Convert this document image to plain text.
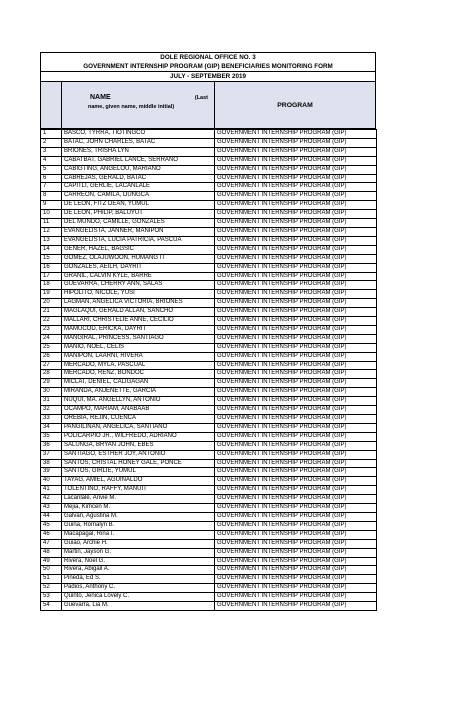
DOLE REGIONAL OFFICE NO. 3
GOVERNMENT INTERNSHIP PROGRAM (GIP) BENEFICIARIES MONITORING FORM
JULY - SEPTEMBER 2019
NAME	(Last
name, given name, middle initial)	PROGRAM
1	BASCO, TYRRA, TIOTINGCO	GOVERNMENT INTERNSHIP PROGRAM (GIP)
2	BATAC, JOHN CHARLES, BATAC	GOVERNMENT INTERNSHIP PROGRAM (GIP)
3	BRIONES, TRISHA LYN	GOVERNMENT INTERNSHIP PROGRAM (GIP)
4	CABATBAT, GABRIEL LANCE, SERRANO	GOVERNMENT INTERNSHIP PROGRAM (GIP)
5	CABIGTING, ANGELOU, MARIANO	GOVERNMENT INTERNSHIP PROGRAM (GIP)
6	CABREJAS, GERALD, BATAC	GOVERNMENT INTERNSHIP PROGRAM (GIP)
7	CAPITLI, GERLIE, LACANLALE	GOVERNMENT INTERNSHIP PROGRAM (GIP)
8	CARREON, CAMILA, DUNGCA	GOVERNMENT INTERNSHIP PROGRAM (GIP)
9	DE LEON, FITZ DEAN, YUMUL	GOVERNMENT INTERNSHIP PROGRAM (GIP)
10	DE LEON, PHILIP, BALUYUT	GOVERNMENT INTERNSHIP PROGRAM (GIP)
11	DEL MUNDO, CAMILLE, GONZALES	GOVERNMENT INTERNSHIP PROGRAM (GIP)
12	EVANGELISTA, JANNER, MANIPON	GOVERNMENT INTERNSHIP PROGRAM (GIP)
13	EVANGELISTA, LUCIA PATRICIA, PASCUA	GOVERNMENT INTERNSHIP PROGRAM (GIP)
14	GENER, HAZEL, BAGSIC	GOVERNMENT INTERNSHIP PROGRAM (GIP)
15	GOMEZ, OLAJUWOON, HUMANG IT	GOVERNMENT INTERNSHIP PROGRAM (GIP)
16	GONZALES, AEILH, DAYRIT	GOVERNMENT INTERNSHIP PROGRAM (GIP)
17	GRANIL, CALVIN KYLE, BARRE	GOVERNMENT INTERNSHIP PROGRAM (GIP)
18	GUEVARRA, CHERRY ANN, SALAS	GOVERNMENT INTERNSHIP PROGRAM (GIP)
19	HIPOLITO, NICOLE, YUSI	GOVERNMENT INTERNSHIP PROGRAM (GIP)
20	LAGMAN, ANGELICA VICTORIA, BRIONES	GOVERNMENT INTERNSHIP PROGRAM (GIP)
21	MAGLAQUI, GERALD ALLAN, SANCHO	GOVERNMENT INTERNSHIP PROGRAM (GIP)
22	MALLARI, CHRISTELIE ANNE, CECILIO	GOVERNMENT INTERNSHIP PROGRAM (GIP)
23	MAMUCOD, ERICKA, DAYRIT	GOVERNMENT INTERNSHIP PROGRAM (GIP)
24	MANGIRAL, PRINCESS, SANTIAGO	GOVERNMENT INTERNSHIP PROGRAM (GIP)
25	MANIO, NOEL, CELIS	GOVERNMENT INTERNSHIP PROGRAM (GIP)
26	MANIPON, LAARNI, RIVERA	GOVERNMENT INTERNSHIP PROGRAM (GIP)
27	MERCADO, MYLA, PASCUAL	GOVERNMENT INTERNSHIP PROGRAM (GIP)
28	MERCADO, RENZ, BONDOC	GOVERNMENT INTERNSHIP PROGRAM (GIP)
29	MICLAT, DENIEL, CALIGAGAN	GOVERNMENT INTERNSHIP PROGRAM (GIP)
30	MIRANDA, ANJENETTE, GARCIA	GOVERNMENT INTERNSHIP PROGRAM (GIP)
31	NUQUI, MA. ANGELLYN, ANTONIO	GOVERNMENT INTERNSHIP PROGRAM (GIP)
32	OCAMPO, MARIAM, ANABAAB	GOVERNMENT INTERNSHIP PROGRAM (GIP)
33	OREBIA, REJIN, CUENCA	GOVERNMENT INTERNSHIP PROGRAM (GIP)
34	PANGILINAN, ANGELICA, SANTIANO	GOVERNMENT INTERNSHIP PROGRAM (GIP)
35	POLICARPIO JR., WILFREDO, ADRIANO	GOVERNMENT INTERNSHIP PROGRAM (GIP)
36	SALUNGA, BRYAN JOHN, EBES	GOVERNMENT INTERNSHIP PROGRAM (GIP)
37	SANTIAGO, ESTHER JOY, ANTONIO	GOVERNMENT INTERNSHIP PROGRAM (GIP)
38	SANTOS, CRISTAL HONEY GALE, PONCE	GOVERNMENT INTERNSHIP PROGRAM (GIP)
39	SANTOS, GIRLIE, YUMUL	GOVERNMENT INTERNSHIP PROGRAM (GIP)
40	TAYAG, AMIEL, AGUINALDO	GOVERNMENT INTERNSHIP PROGRAM (GIP)
41	TOLENTINO, RAFFY, MANUIT	GOVERNMENT INTERNSHIP PROGRAM (GIP)
42	Lacanlale, Arivie M.	GOVERNMENT INTERNSHIP PROGRAM (GIP)
43	Mejia, Kimcen M.	GOVERNMENT INTERNSHIP PROGRAM (GIP)
44	Galvan, Agustina M.	GOVERNMENT INTERNSHIP PROGRAM (GIP)
45	Guina, Romalyn B.	GOVERNMENT INTERNSHIP PROGRAM (GIP)
46	Macapagal, Rina I.	GOVERNMENT INTERNSHIP PROGRAM (GIP)
47	Guiao, Archie H.	GOVERNMENT INTERNSHIP PROGRAM (GIP)
48	Martin, Jayson G.	GOVERNMENT INTERNSHIP PROGRAM (GIP)
49	Rivera, Noel G.	GOVERNMENT INTERNSHIP PROGRAM (GIP)
50	Rivera, Abigail A.	GOVERNMENT INTERNSHIP PROGRAM (GIP)
51	Pineda, Ed S.	GOVERNMENT INTERNSHIP PROGRAM (GIP)
52	Padios, Anthony C.	GOVERNMENT INTERNSHIP PROGRAM (GIP)
53	Quinto, Jenica Lovely C.	GOVERNMENT INTERNSHIP PROGRAM (GIP)
54	Guevarra, Lia M.	GOVERNMENT INTERNSHIP PROGRAM (GIP)
